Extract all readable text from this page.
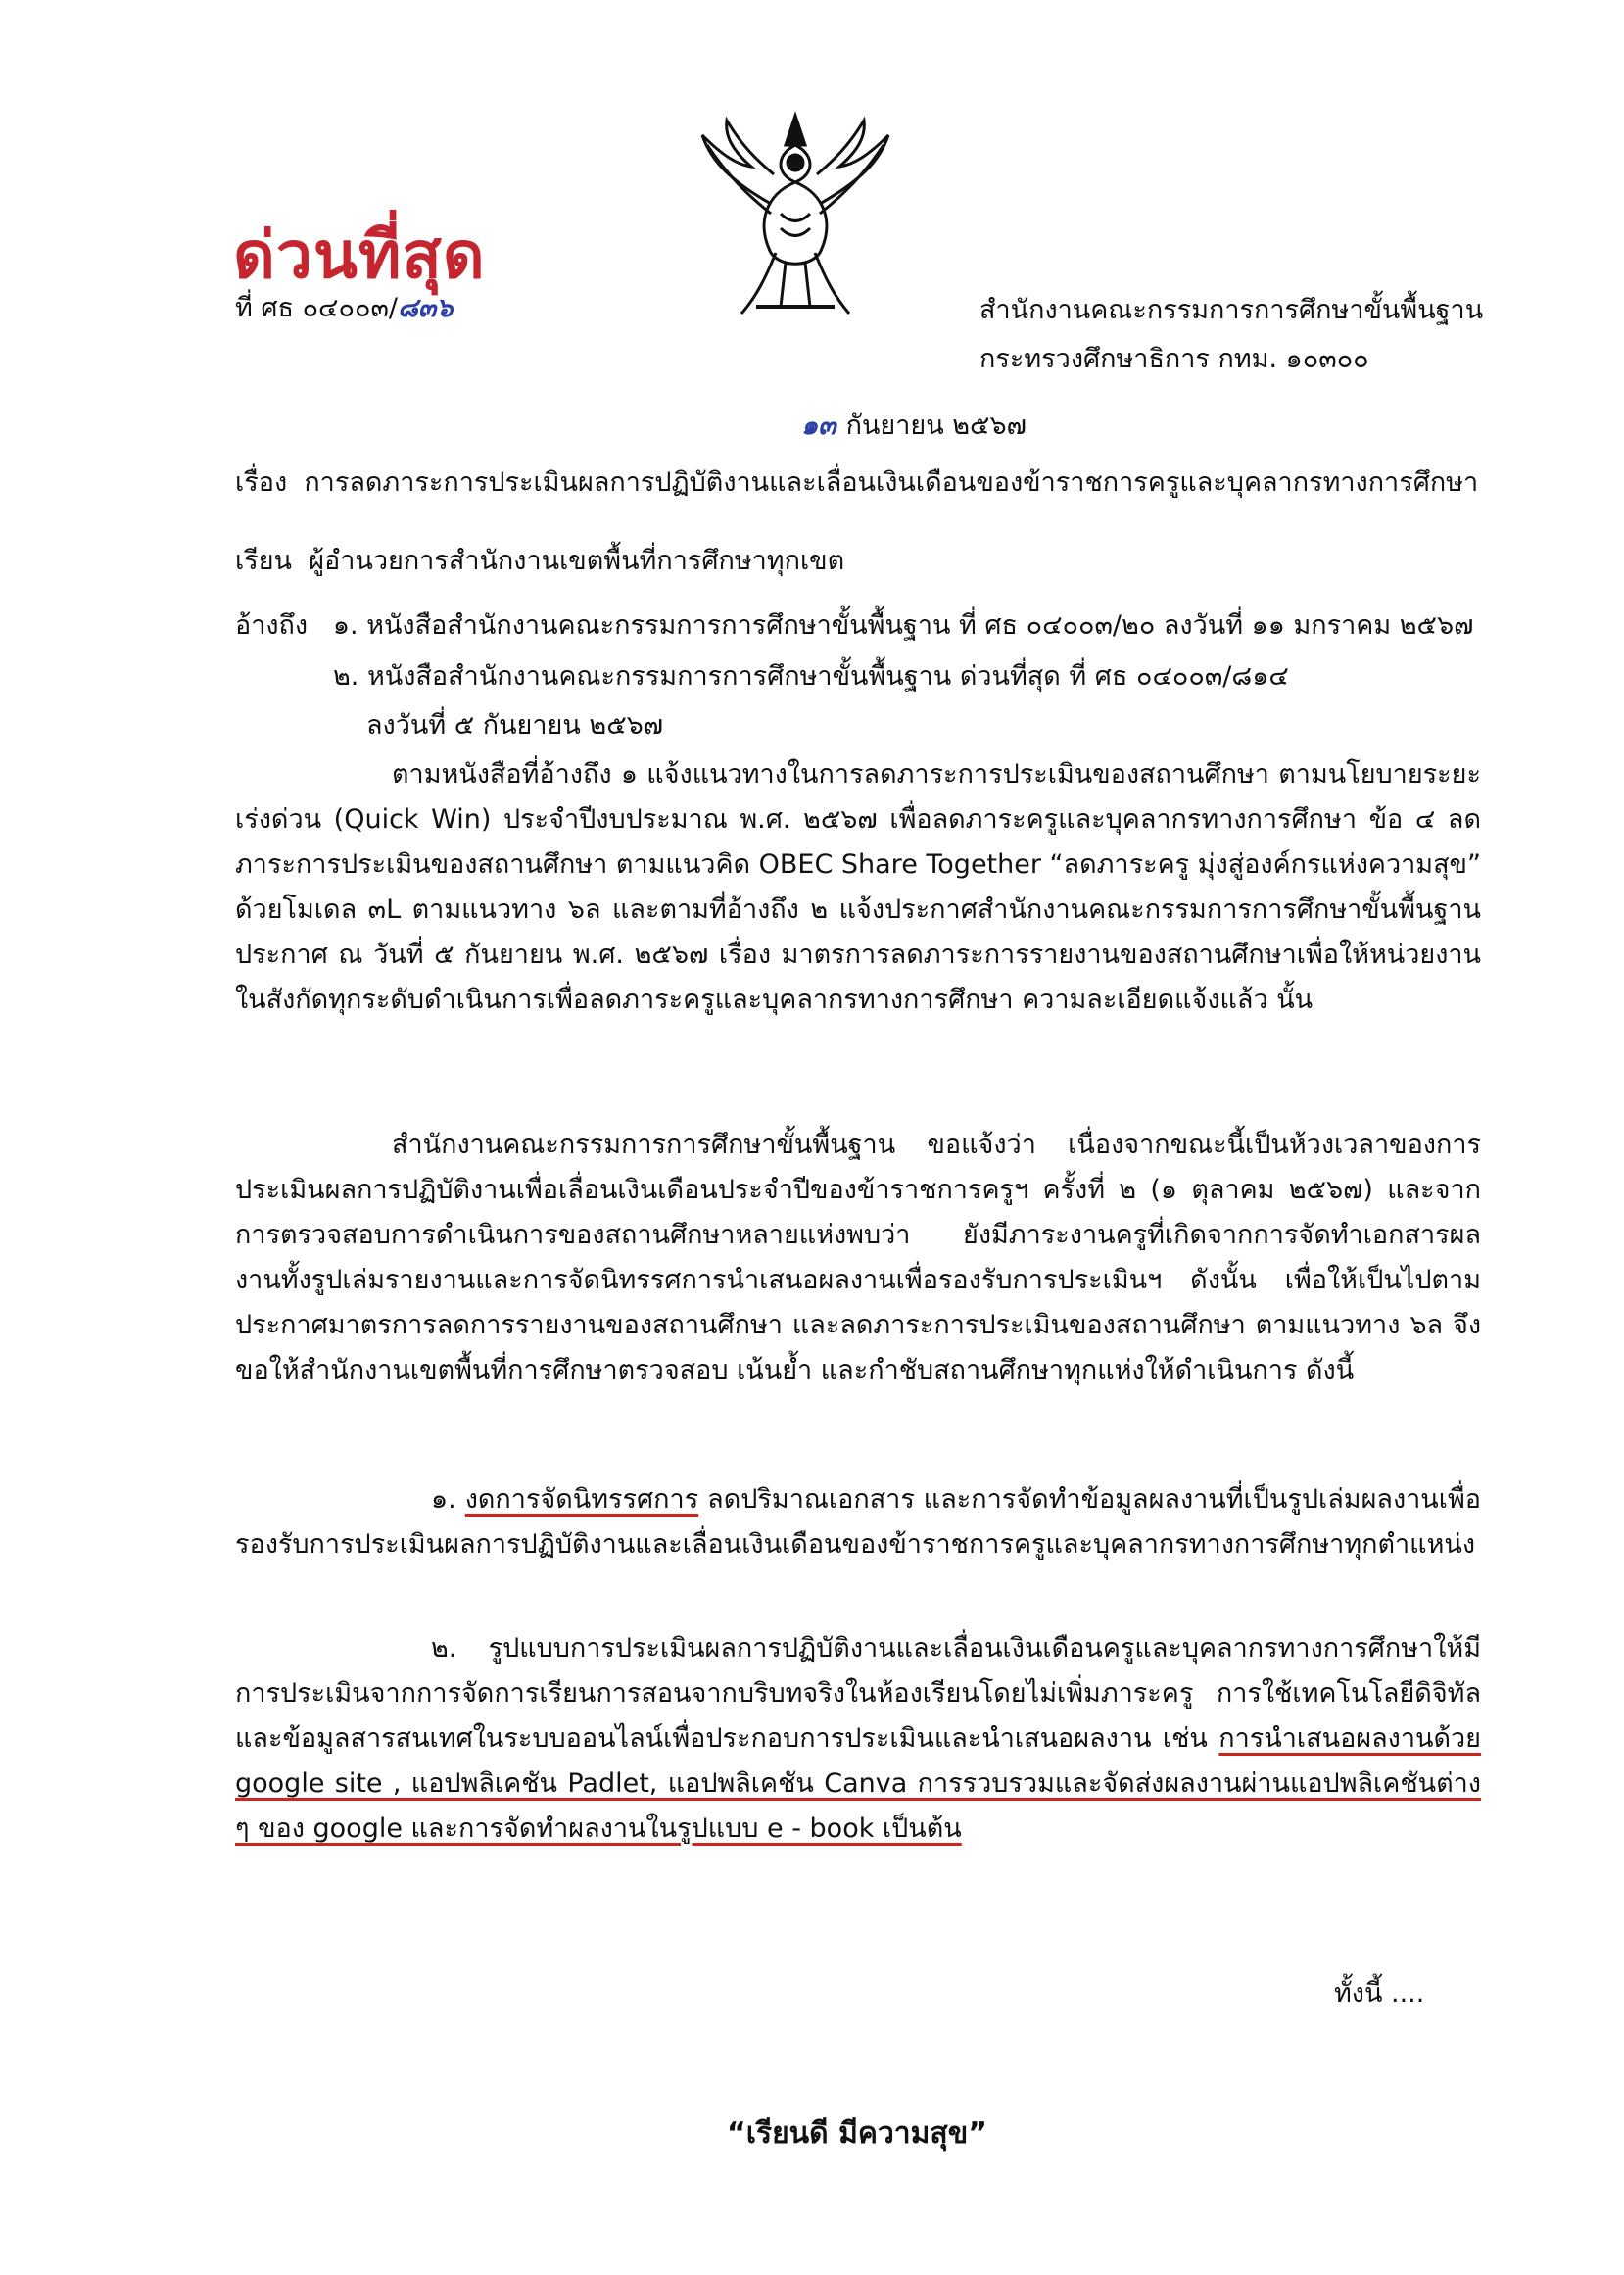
ด่วนที่สุด
ที่ ศธ ๐๔๐๐๓/๘๓๖	สำนักงานคณะกรรมการการศึกษาขั้นพื้นฐาน
กระทรวงศึกษาธิการ กทม. ๑๐๓๐๐
๑๓ กันยายน ๒๕๖๗
เรื่อง การลดภาระการประเมินผลการปฏิบัติงานและเลื่อนเงินเดือนของข้าราชการครูและบุคลากรทางการศึกษา
เรียน ผู้อำนวยการสำนักงานเขตพื้นที่การศึกษาทุกเขต
อ้างถึง ๑. หนังสือสำนักงานคณะกรรมการการศึกษาขั้นพื้นฐาน ที่ ศธ ๐๔๐๐๓/๒๐ ลงวันที่ ๑๑ มกราคม ๒๕๖๗
๒. หนังสือสำนักงานคณะกรรมการการศึกษาขั้นพื้นฐาน ด่วนที่สุด ที่ ศธ ๐๔๐๐๓/๘๑๔
ลงวันที่ ๕ กันยายน ๒๕๖๗
ตามหนังสือที่อ้างถึง ๑ แจ้งแนวทางในการลดภาระการประเมินของสถานศึกษา ตามนโยบายระยะเร่งด่วน (Quick Win) ประจำปีงบประมาณ พ.ศ. ๒๕๖๗ เพื่อลดภาระครูและบุคลากรทางการศึกษา ข้อ ๔ ลดภาระการประเมินของสถานศึกษา ตามแนวคิด OBEC Share Together “ลดภาระครู มุ่งสู่องค์กรแห่งความสุข” ด้วยโมเดล ๓L ตามแนวทาง ๖ล และตามที่อ้างถึง ๒ แจ้งประกาศสำนักงานคณะกรรมการการศึกษาขั้นพื้นฐาน ประกาศ ณ วันที่ ๕ กันยายน พ.ศ. ๒๕๖๗ เรื่อง มาตรการลดภาระการรายงานของสถานศึกษาเพื่อให้หน่วยงานในสังกัดทุกระดับดำเนินการเพื่อลดภาระครูและบุคลากรทางการศึกษา ความละเอียดแจ้งแล้ว นั้น
สำนักงานคณะกรรมการการศึกษาขั้นพื้นฐาน ขอแจ้งว่า เนื่องจากขณะนี้เป็นห้วงเวลาของการประเมินผลการปฏิบัติงานเพื่อเลื่อนเงินเดือนประจำปีของข้าราชการครูฯ ครั้งที่ ๒ (๑ ตุลาคม ๒๕๖๗) และจากการตรวจสอบการดำเนินการของสถานศึกษาหลายแห่งพบว่า ยังมีภาระงานครูที่เกิดจากการจัดทำเอกสารผลงานทั้งรูปเล่มรายงานและการจัดนิทรรศการนำเสนอผลงานเพื่อรองรับการประเมินฯ ดังนั้น เพื่อให้เป็นไปตามประกาศมาตรการลดการรายงานของสถานศึกษา และลดภาระการประเมินของสถานศึกษา ตามแนวทาง ๖ล จึงขอให้สำนักงานเขตพื้นที่การศึกษาตรวจสอบ เน้นย้ำ และกำชับสถานศึกษาทุกแห่งให้ดำเนินการ ดังนี้
๑. งดการจัดนิทรรศการ ลดปริมาณเอกสาร และการจัดทำข้อมูลผลงานที่เป็นรูปเล่มผลงานเพื่อรองรับการประเมินผลการปฏิบัติงานและเลื่อนเงินเดือนของข้าราชการครูและบุคลากรทางการศึกษาทุกตำแหน่ง
๒. รูปแบบการประเมินผลการปฏิบัติงานและเลื่อนเงินเดือนครูและบุคลากรทางการศึกษาให้มีการประเมินจากการจัดการเรียนการสอนจากบริบทจริงในห้องเรียนโดยไม่เพิ่มภาระครู การใช้เทคโนโลยีดิจิทัลและข้อมูลสารสนเทศในระบบออนไลน์เพื่อประกอบการประเมินและนำเสนอผลงาน เช่น การนำเสนอผลงานด้วย google site , แอปพลิเคชัน Padlet, แอปพลิเคชัน Canva การรวบรวมและจัดส่งผลงานผ่านแอปพลิเคชันต่าง ๆ ของ google และการจัดทำผลงานในรูปแบบ e - book เป็นต้น
ทั้งนี้ ....
“เรียนดี มีความสุข”
